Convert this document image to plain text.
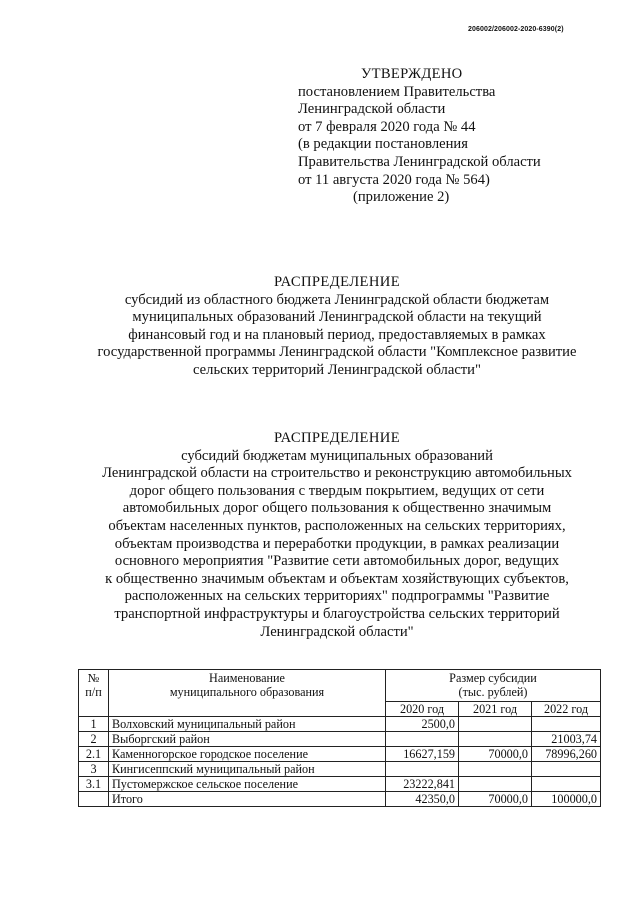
206002/206002-2020-6390(2)
УТВЕРЖДЕНО
постановлением Правительства
Ленинградской области
от 7 февраля 2020 года № 44
(в редакции постановления
Правительства Ленинградской области
от 11 августа 2020 года № 564)
(приложение 2)
РАСПРЕДЕЛЕНИЕ
субсидий из областного бюджета Ленинградской области бюджетам
муниципальных образований Ленинградской области на текущий
финансовый год и на плановый период, предоставляемых в рамках
государственной программы Ленинградской области "Комплексное развитие
сельских территорий Ленинградской области"
РАСПРЕДЕЛЕНИЕ
субсидий бюджетам муниципальных образований
Ленинградской области на строительство и реконструкцию автомобильных
дорог общего пользования с твердым покрытием, ведущих от сети
автомобильных дорог общего пользования к общественно значимым
объектам населенных пунктов, расположенных на сельских территориях,
объектам производства и переработки продукции, в рамках реализации
основного мероприятия "Развитие сети автомобильных дорог, ведущих
к общественно значимым объектам и объектам хозяйствующих субъектов,
расположенных на сельских территориях" подпрограммы "Развитие
транспортной инфраструктуры и благоустройства сельских территорий
Ленинградской области"
№
п/п	Наименование
муниципального образования	Размер субсидии
(тыс. рублей)		

		2020 год	2021 год	2022 год
1	Волховский муниципальный район	2500,0		
2	Выборгский район			21003,74
2.1	Каменногорское городское поселение	16627,159	70000,0	78996,260
3	Кингисеппский муниципальный район			
3.1	Пустомержское сельское поселение	23222,841		
	Итого	42350,0	70000,0	100000,0
